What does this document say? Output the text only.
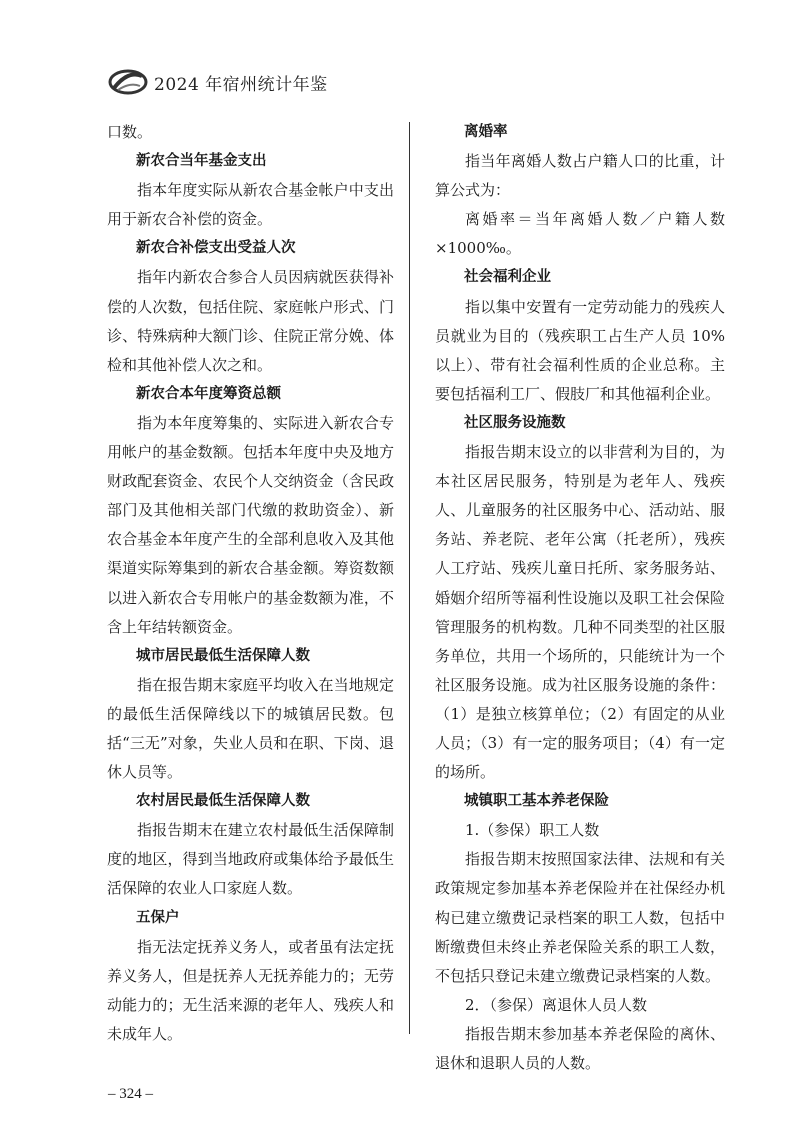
2024 年宿州统计年鉴

口数。

新农合当年基金支出

指本年度实际从新农合基金帐户中支出用于新农合补偿的资金。

新农合补偿支出受益人次

指年内新农合参合人员因病就医获得补偿的人次数，包括住院、家庭帐户形式、门诊、特殊病种大额门诊、住院正常分娩、体检和其他补偿人次之和。

新农合本年度筹资总额

指为本年度筹集的、实际进入新农合专用帐户的基金数额。包括本年度中央及地方财政配套资金、农民个人交纳资金（含民政部门及其他相关部门代缴的救助资金）、新农合基金本年度产生的全部利息收入及其他渠道实际筹集到的新农合基金额。筹资数额以进入新农合专用帐户的基金数额为准，不含上年结转额资金。

城市居民最低生活保障人数

指在报告期末家庭平均收入在当地规定的最低生活保障线以下的城镇居民数。包括“三无”对象，失业人员和在职、下岗、退休人员等。

农村居民最低生活保障人数

指报告期末在建立农村最低生活保障制度的地区，得到当地政府或集体给予最低生活保障的农业人口家庭人数。

五保户

指无法定抚养义务人，或者虽有法定抚养义务人，但是抚养人无抚养能力的；无劳动能力的；无生活来源的老年人、残疾人和未成年人。

离婚率

指当年离婚人数占户籍人口的比重，计算公式为：

离婚率＝当年离婚人数／户籍人数×1000‰。

社会福利企业

指以集中安置有一定劳动能力的残疾人员就业为目的（残疾职工占生产人员 10% 以上）、带有社会福利性质的企业总称。主要包括福利工厂、假肢厂和其他福利企业。

社区服务设施数

指报告期末设立的以非营利为目的，为本社区居民服务，特别是为老年人、残疾人、儿童服务的社区服务中心、活动站、服务站、养老院、老年公寓（托老所），残疾人工疗站、残疾儿童日托所、家务服务站、婚姻介绍所等福利性设施以及职工社会保险管理服务的机构数。几种不同类型的社区服务单位，共用一个场所的，只能统计为一个社区服务设施。成为社区服务设施的条件：（1）是独立核算单位；（2）有固定的从业人员；（3）有一定的服务项目；（4）有一定的场所。

城镇职工基本养老保险

1.（参保）职工人数

指报告期末按照国家法律、法规和有关政策规定参加基本养老保险并在社保经办机构已建立缴费记录档案的职工人数，包括中断缴费但未终止养老保险关系的职工人数，不包括只登记未建立缴费记录档案的人数。

2．（参保）离退休人员人数

指报告期末参加基本养老保险的离休、退休和退职人员的人数。

– 324 –
